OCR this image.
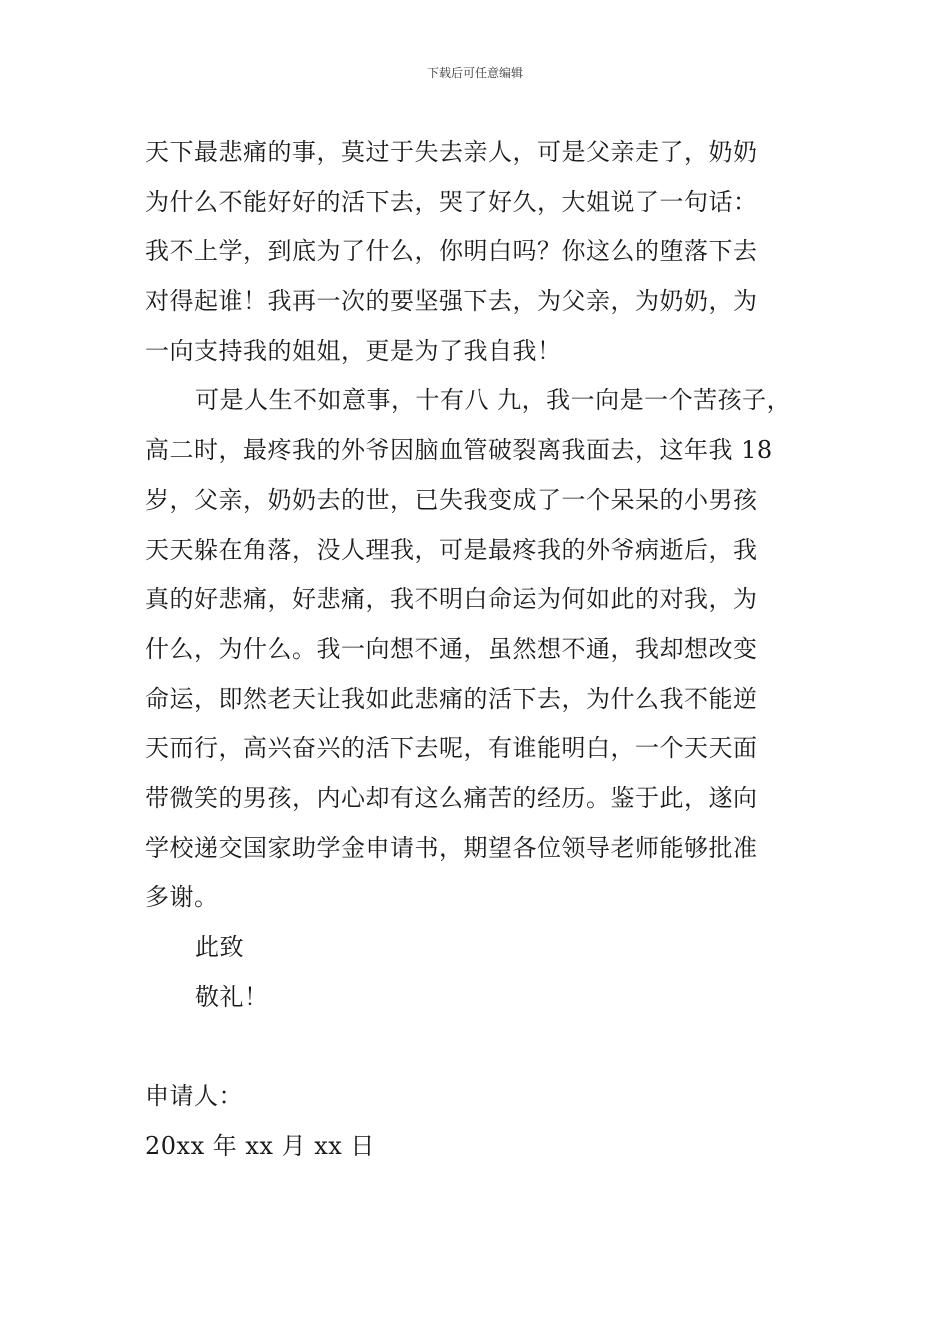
下载后可任意编辑
天下最悲痛的事，莫过于失去亲人，可是父亲走了，奶奶
为什么不能好好的活下去，哭了好久，大姐说了一句话：
我不上学，到底为了什么，你明白吗？你这么的堕落下去
对得起谁！我再一次的要坚强下去，为父亲，为奶奶，为
一向支持我的姐姐，更是为了我自我！
可是人生不如意事，十有八 九，我一向是一个苦孩子，
高二时，最疼我的外爷因脑血管破裂离我面去，这年我 18
岁，父亲，奶奶去的世，已失我变成了一个呆呆的小男孩
天天躲在角落，没人理我，可是最疼我的外爷病逝后，我
真的好悲痛，好悲痛，我不明白命运为何如此的对我，为
什么，为什么。我一向想不通，虽然想不通，我却想改变
命运，即然老天让我如此悲痛的活下去，为什么我不能逆
天而行，高兴奋兴的活下去呢，有谁能明白，一个天天面
带微笑的男孩，内心却有这么痛苦的经历。鉴于此，遂向
学校递交国家助学金申请书，期望各位领导老师能够批准
多谢。
此致
敬礼！
申请人：
20xx 年 xx 月 xx 日
